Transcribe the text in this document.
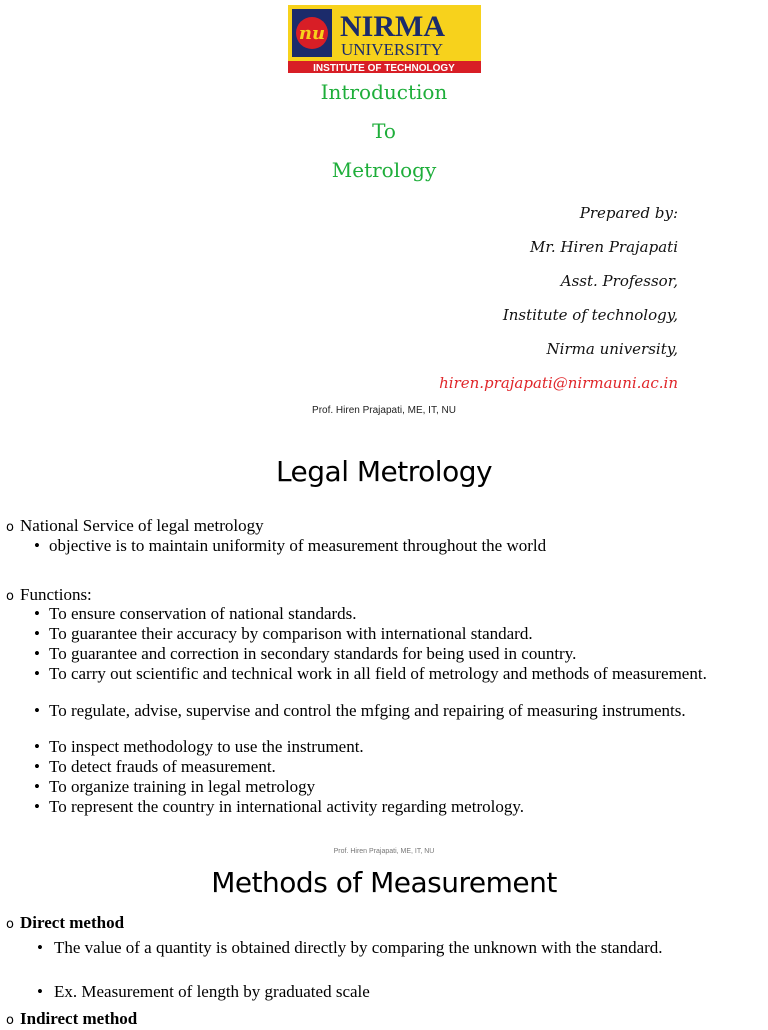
nu NIRMA
UNIVERSITY
INSTITUTE OF TECHNOLOGY
Introduction
To
Metrology
Prepared by:
Mr. Hiren Prajapati
Asst. Professor,
Institute of technology,
Nirma university,
hiren.prajapati@nirmauni.ac.in
Prof. Hiren Prajapati, ME, IT, NU
Legal Metrology
o National Service of legal metrology
• objective is to maintain uniformity of measurement throughout the world
o Functions:
• To ensure conservation of national standards.
• To guarantee their accuracy by comparison with international standard.
• To guarantee and correction in secondary standards for being used in country.
• To carry out scientific and technical work in all field of metrology and methods of measurement.
• To regulate, advise, supervise and control the mfging and repairing of measuring instruments.
• To inspect methodology to use the instrument.
• To detect frauds of measurement.
• To organize training in legal metrology
• To represent the country in international activity regarding metrology.
Prof. Hiren Prajapati, ME, IT, NU
Methods of Measurement
o Direct method
• The value of a quantity is obtained directly by comparing the unknown with the standard.
• Ex. Measurement of length by graduated scale
o Indirect method
